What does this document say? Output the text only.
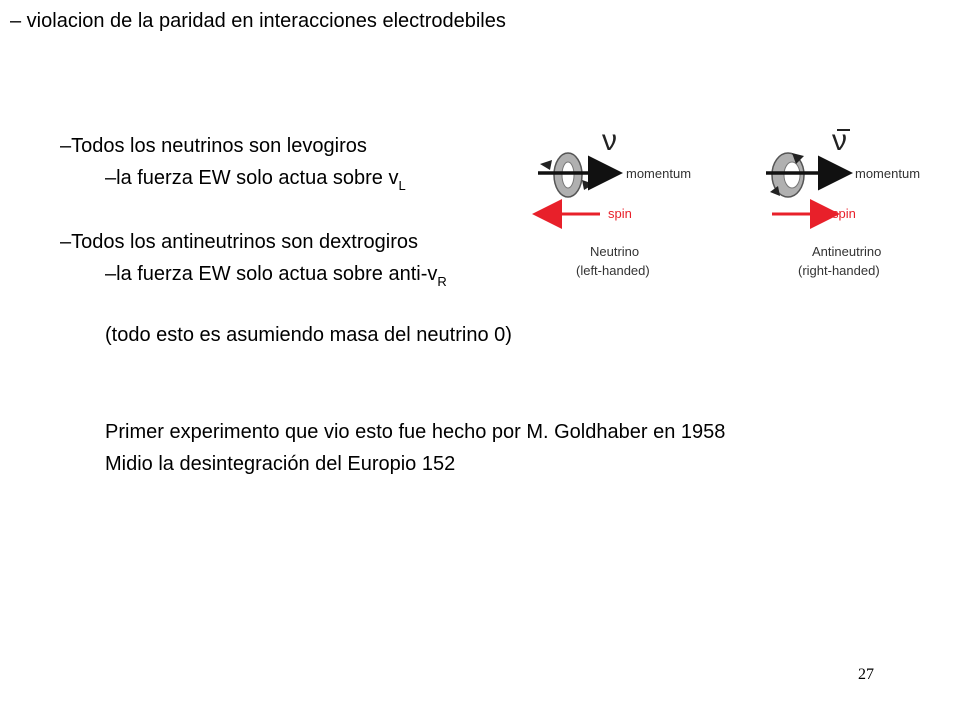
– violacion de la paridad en interacciones electrodebiles
–Todos los neutrinos son levogiros
–la fuerza EW solo actua sobre $v_L$
–Todos los antineutrinos son dextrogiros
–la fuerza EW solo actua sobre anti-$v_R$
(todo esto es asumiendo masa del neutrino 0)
Primer experimento que vio esto fue hecho por M. Goldhaber en 1958
Midio la desintegración del Europio 152
ν
momentum
spin
Neutrino
(left-handed)
ν
momentum
spin
Antineutrino
(right-handed)
27
